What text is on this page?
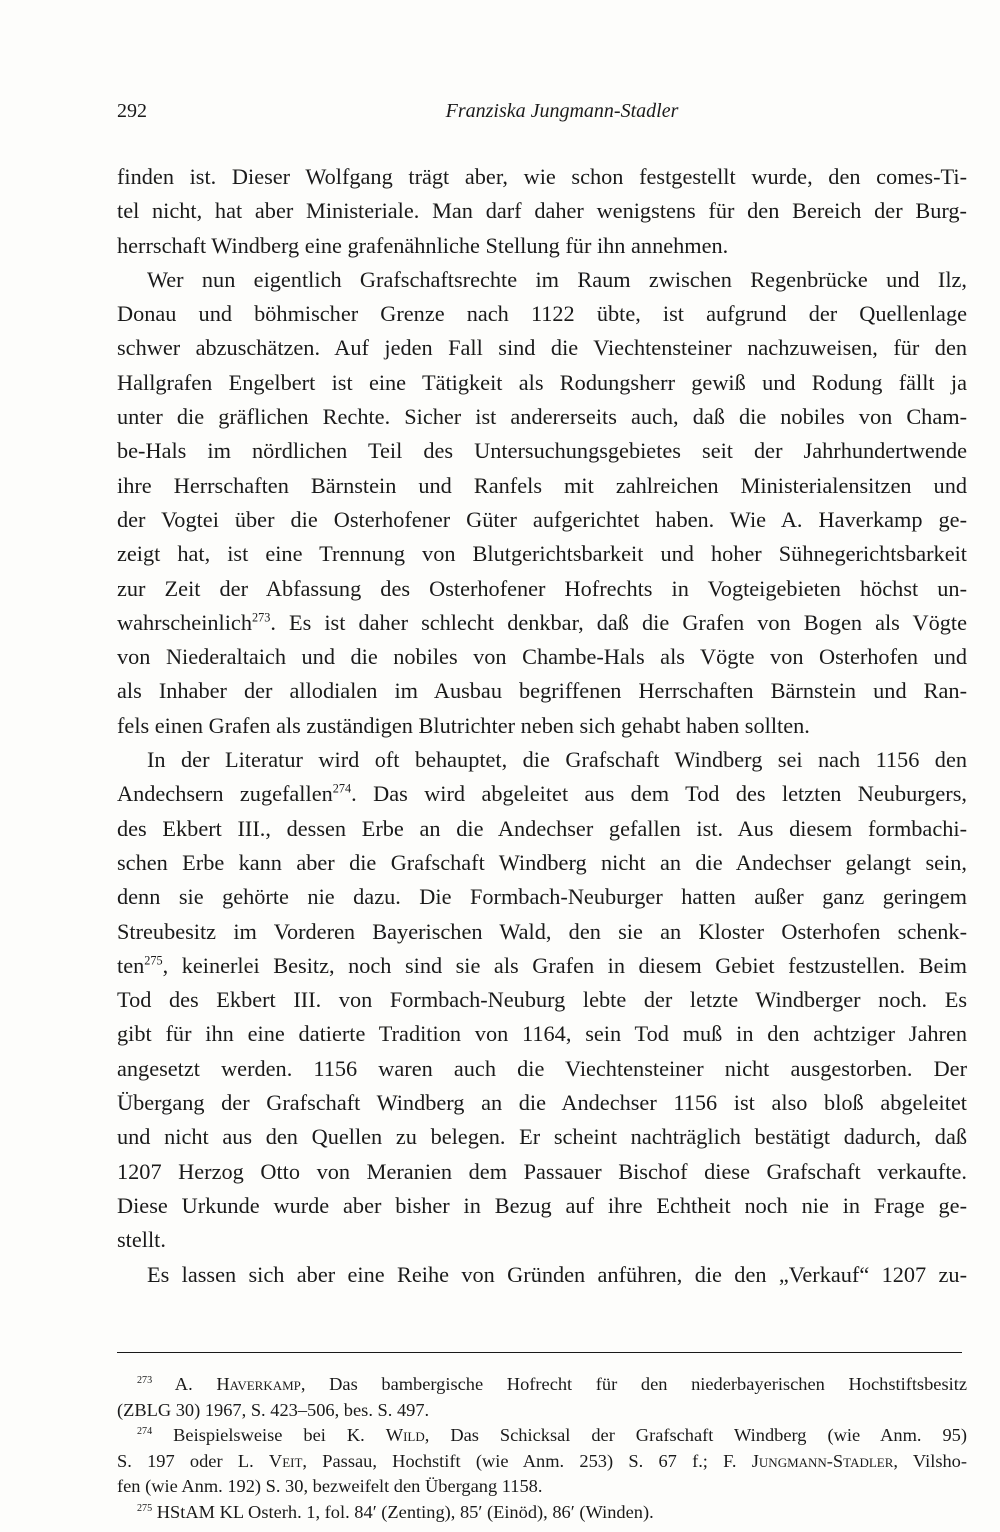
292	Franziska Jungmann-Stadler
finden ist. Dieser Wolfgang trägt aber, wie schon festgestellt wurde, den comes-Ti-
tel nicht, hat aber Ministeriale. Man darf daher wenigstens für den Bereich der Burg-
herrschaft Windberg eine grafenähnliche Stellung für ihn annehmen.
Wer nun eigentlich Grafschaftsrechte im Raum zwischen Regenbrücke und Ilz,
Donau und böhmischer Grenze nach 1122 übte, ist aufgrund der Quellenlage
schwer abzuschätzen. Auf jeden Fall sind die Viechtensteiner nachzuweisen, für den
Hallgrafen Engelbert ist eine Tätigkeit als Rodungsherr gewiß und Rodung fällt ja
unter die gräflichen Rechte. Sicher ist andererseits auch, daß die nobiles von Cham-
be-Hals im nördlichen Teil des Untersuchungsgebietes seit der Jahrhundertwende
ihre Herrschaften Bärnstein und Ranfels mit zahlreichen Ministerialensitzen und
der Vogtei über die Osterhofener Güter aufgerichtet haben. Wie A. Haverkamp ge-
zeigt hat, ist eine Trennung von Blutgerichtsbarkeit und hoher Sühnegerichtsbarkeit
zur Zeit der Abfassung des Osterhofener Hofrechts in Vogteigebieten höchst un-
wahrscheinlich$^{273}$. Es ist daher schlecht denkbar, daß die Grafen von Bogen als Vögte
von Niederaltaich und die nobiles von Chambe-Hals als Vögte von Osterhofen und
als Inhaber der allodialen im Ausbau begriffenen Herrschaften Bärnstein und Ran-
fels einen Grafen als zuständigen Blutrichter neben sich gehabt haben sollten.
In der Literatur wird oft behauptet, die Grafschaft Windberg sei nach 1156 den
Andechsern zugefallen$^{274}$. Das wird abgeleitet aus dem Tod des letzten Neuburgers,
des Ekbert III., dessen Erbe an die Andechser gefallen ist. Aus diesem formbachi-
schen Erbe kann aber die Grafschaft Windberg nicht an die Andechser gelangt sein,
denn sie gehörte nie dazu. Die Formbach-Neuburger hatten außer ganz geringem
Streubesitz im Vorderen Bayerischen Wald, den sie an Kloster Osterhofen schenk-
ten$^{275}$, keinerlei Besitz, noch sind sie als Grafen in diesem Gebiet festzustellen. Beim
Tod des Ekbert III. von Formbach-Neuburg lebte der letzte Windberger noch. Es
gibt für ihn eine datierte Tradition von 1164, sein Tod muß in den achtziger Jahren
angesetzt werden. 1156 waren auch die Viechtensteiner nicht ausgestorben. Der
Übergang der Grafschaft Windberg an die Andechser 1156 ist also bloß abgeleitet
und nicht aus den Quellen zu belegen. Er scheint nachträglich bestätigt dadurch, daß
1207 Herzog Otto von Meranien dem Passauer Bischof diese Grafschaft verkaufte.
Diese Urkunde wurde aber bisher in Bezug auf ihre Echtheit noch nie in Frage ge-
stellt.
Es lassen sich aber eine Reihe von Gründen anführen, die den „Verkauf“ 1207 zu-
$^{273}$ A. Haverkamp, Das bambergische Hofrecht für den niederbayerischen Hochstiftsbesitz
(ZBLG 30) 1967, S. 423–506, bes. S. 497.
$^{274}$ Beispielsweise bei K. Wild, Das Schicksal der Grafschaft Windberg (wie Anm. 95)
S. 197 oder L. Veit, Passau, Hochstift (wie Anm. 253) S. 67 f.; F. Jungmann-Stadler, Vilsho-
fen (wie Anm. 192) S. 30, bezweifelt den Übergang 1158.
$^{275}$ HStAM KL Osterh. 1, fol. 84′ (Zenting), 85′ (Einöd), 86′ (Winden).
